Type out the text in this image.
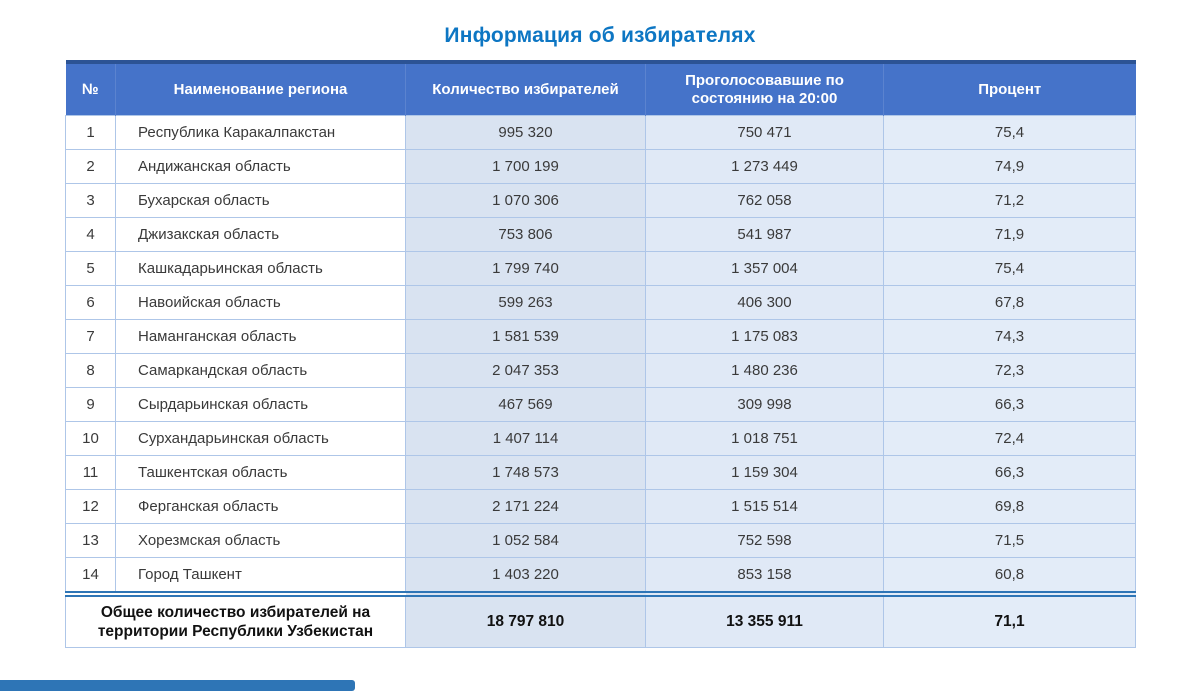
Информация об избирателях
№	Наименование региона	Количество избирателей	Проголосовавшие по состоянию на 20:00	Процент
1	Республика Каракалпакстан	995 320	750 471	75,4
2	Андижанская область	1 700 199	1 273 449	74,9
3	Бухарская область	1 070 306	762 058	71,2
4	Джизакская область	753 806	541 987	71,9
5	Кашкадарьинская область	1 799 740	1 357 004	75,4
6	Навоийская область	599 263	406 300	67,8
7	Наманганская область	1 581 539	1 175 083	74,3
8	Самаркандская область	2 047 353	1 480 236	72,3
9	Сырдарьинская область	467 569	309 998	66,3
10	Сурхандарьинская область	1 407 114	1 018 751	72,4
11	Ташкентская область	1 748 573	1 159 304	66,3
12	Ферганская область	2 171 224	1 515 514	69,8
13	Хорезмская область	1 052 584	752 598	71,5
14	Город Ташкент	1 403 220	853 158	60,8
Общее количество избирателей на территории Республики Узбекистан		18 797 810	13 355 911	71,1
